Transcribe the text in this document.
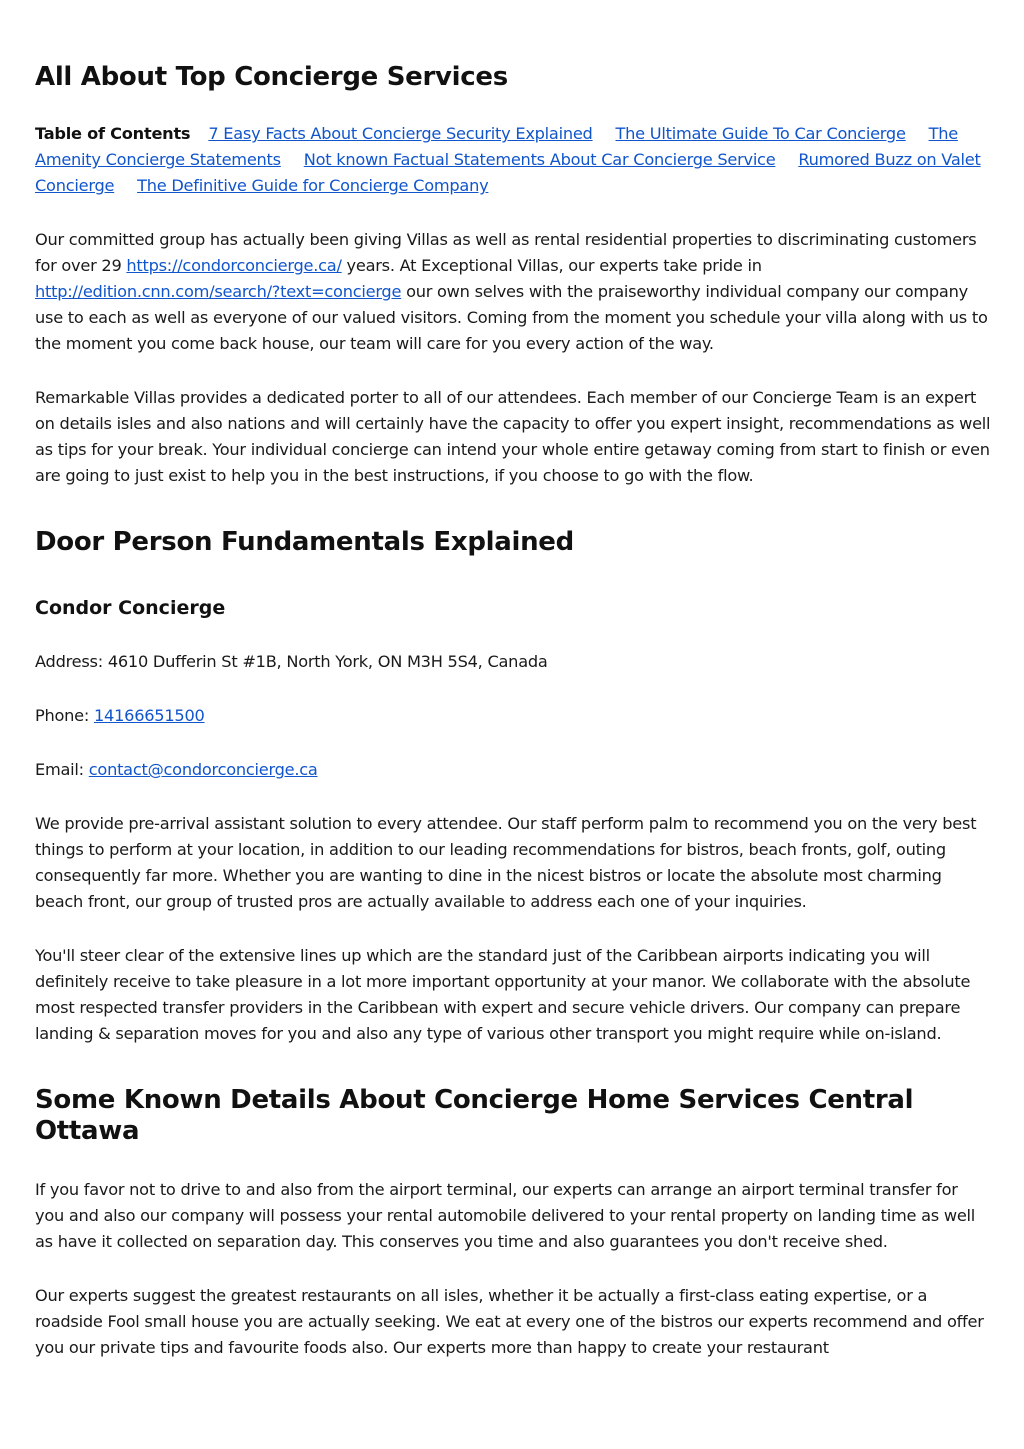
All About Top Concierge Services
Table of Contents 7 Easy Facts About Concierge Security Explained The Ultimate Guide To Car Concierge The Amenity Concierge Statements Not known Factual Statements About Car Concierge Service Rumored Buzz on Valet Concierge The Definitive Guide for Concierge Company

Our committed group has actually been giving Villas as well as rental residential properties to discriminating customers for over 29 https://condorconcierge.ca/ years. At Exceptional Villas, our experts take pride in http://edition.cnn.com/search/?text=concierge our own selves with the praiseworthy individual company our company use to each as well as everyone of our valued visitors. Coming from the moment you schedule your villa along with us to the moment you come back house, our team will care for you every action of the way.

Remarkable Villas provides a dedicated porter to all of our attendees. Each member of our Concierge Team is an expert on details isles and also nations and will certainly have the capacity to offer you expert insight, recommendations as well as tips for your break. Your individual concierge can intend your whole entire getaway coming from start to finish or even are going to just exist to help you in the best instructions, if you choose to go with the flow.

Door Person Fundamentals Explained
Condor Concierge

Address: 4610 Dufferin St #1B, North York, ON M3H 5S4, Canada

Phone: 14166651500

Email: contact@condorconcierge.ca

We provide pre-arrival assistant solution to every attendee. Our staff perform palm to recommend you on the very best things to perform at your location, in addition to our leading recommendations for bistros, beach fronts, golf, outing consequently far more. Whether you are wanting to dine in the nicest bistros or locate the absolute most charming beach front, our group of trusted pros are actually available to address each one of your inquiries.

You'll steer clear of the extensive lines up which are the standard just of the Caribbean airports indicating you will definitely receive to take pleasure in a lot more important opportunity at your manor. We collaborate with the absolute most respected transfer providers in the Caribbean with expert and secure vehicle drivers. Our company can prepare landing & separation moves for you and also any type of various other transport you might require while on-island.

Some Known Details About Concierge Home Services Central Ottawa

If you favor not to drive to and also from the airport terminal, our experts can arrange an airport terminal transfer for you and also our company will possess your rental automobile delivered to your rental property on landing time as well as have it collected on separation day. This conserves you time and also guarantees you don't receive shed.

Our experts suggest the greatest restaurants on all isles, whether it be actually a first-class eating expertise, or a roadside Fool small house you are actually seeking. We eat at every one of the bistros our experts recommend and offer you our private tips and favourite foods also. Our experts more than happy to create your restaurant
